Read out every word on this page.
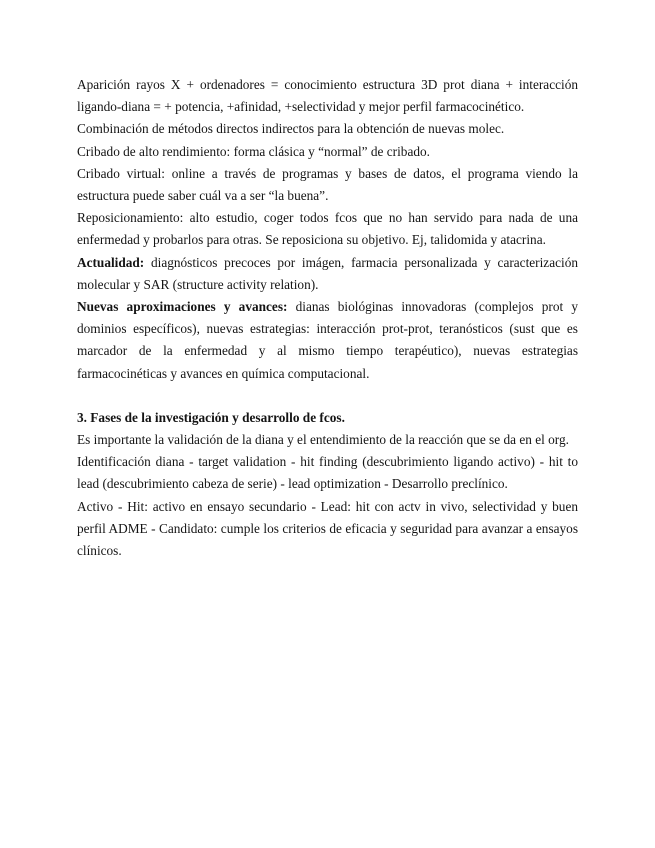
Aparición rayos X + ordenadores = conocimiento estructura 3D prot diana + interacción ligando-diana = + potencia, +afinidad, +selectividad y mejor perfil farmacocinético.

Combinación de métodos directos indirectos para la obtención de nuevas molec.

Cribado de alto rendimiento: forma clásica y “normal” de cribado.

Cribado virtual: online a través de programas y bases de datos, el programa viendo la estructura puede saber cuál va a ser “la buena”.

Reposicionamiento: alto estudio, coger todos fcos que no han servido para nada de una enfermedad y probarlos para otras. Se reposiciona su objetivo. Ej, talidomida y atacrina.

Actualidad: diagnósticos precoces por imágen, farmacia personalizada y caracterización molecular y SAR (structure activity relation).

Nuevas aproximaciones y avances: dianas biológinas innovadoras (complejos prot y dominios específicos), nuevas estrategias: interacción prot-prot, teranósticos (sust que es marcador de la enfermedad y al mismo tiempo terapéutico), nuevas estrategias farmacocinéticas y avances en química computacional.

3. Fases de la investigación y desarrollo de fcos.

Es importante la validación de la diana y el entendimiento de la reacción que se da en el org.

Identificación diana - target validation - hit finding (descubrimiento ligando activo) - hit to lead (descubrimiento cabeza de serie) - lead optimization - Desarrollo preclínico.

Activo - Hit: activo en ensayo secundario - Lead: hit con actv in vivo, selectividad y buen perfil ADME - Candidato: cumple los criterios de eficacia y seguridad para avanzar a ensayos clínicos.
